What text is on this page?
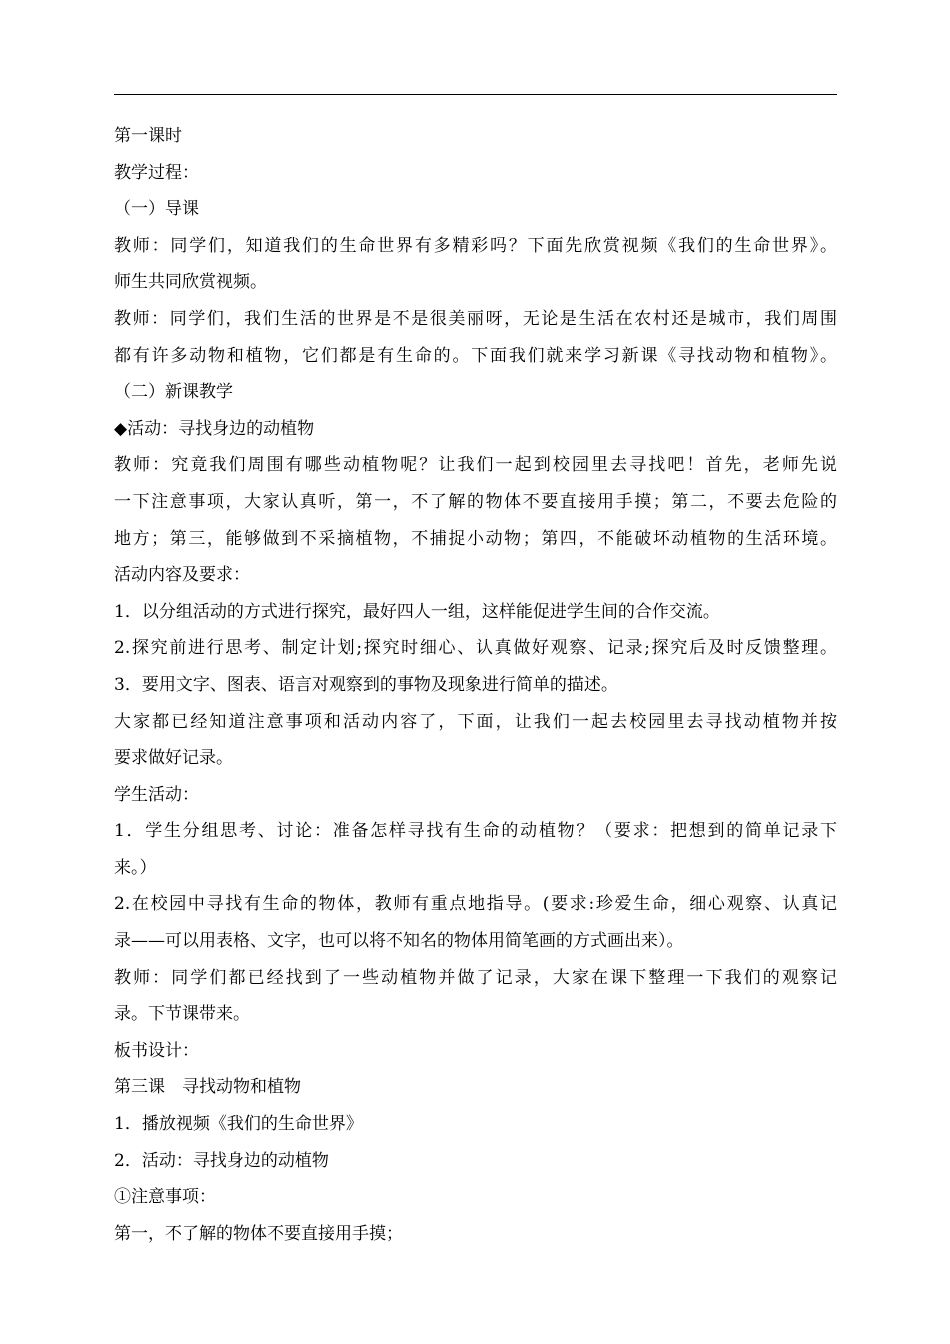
第一课时
教学过程：
（一）导课
教师：同学们，知道我们的生命世界有多精彩吗？下面先欣赏视频《我们的生命世界》。
师生共同欣赏视频。
教师：同学们，我们生活的世界是不是很美丽呀，无论是生活在农村还是城市，我们周围
都有许多动物和植物，它们都是有生命的。下面我们就来学习新课《寻找动物和植物》。
（二）新课教学
◆活动：寻找身边的动植物
教师：究竟我们周围有哪些动植物呢？让我们一起到校园里去寻找吧！首先，老师先说
一下注意事项，大家认真听，第一，不了解的物体不要直接用手摸；第二，不要去危险的
地方；第三，能够做到不采摘植物，不捕捉小动物；第四，不能破坏动植物的生活环境。
活动内容及要求：
1．以分组活动的方式进行探究，最好四人一组，这样能促进学生间的合作交流。
2.探究前进行思考、制定计划;探究时细心、认真做好观察、记录;探究后及时反馈整理。
3．要用文字、图表、语言对观察到的事物及现象进行简单的描述。
大家都已经知道注意事项和活动内容了，下面，让我们一起去校园里去寻找动植物并按
要求做好记录。
学生活动：
1．学生分组思考、讨论：准备怎样寻找有生命的动植物？（要求：把想到的简单记录下
来。）
2.在校园中寻找有生命的物体，教师有重点地指导。(要求:珍爱生命，细心观察、认真记
录——可以用表格、文字，也可以将不知名的物体用简笔画的方式画出来）。
教师：同学们都已经找到了一些动植物并做了记录，大家在课下整理一下我们的观察记
录。下节课带来。
板书设计：
第三课　寻找动物和植物
1．播放视频《我们的生命世界》
2．活动：寻找身边的动植物
①注意事项：
第一，不了解的物体不要直接用手摸；
